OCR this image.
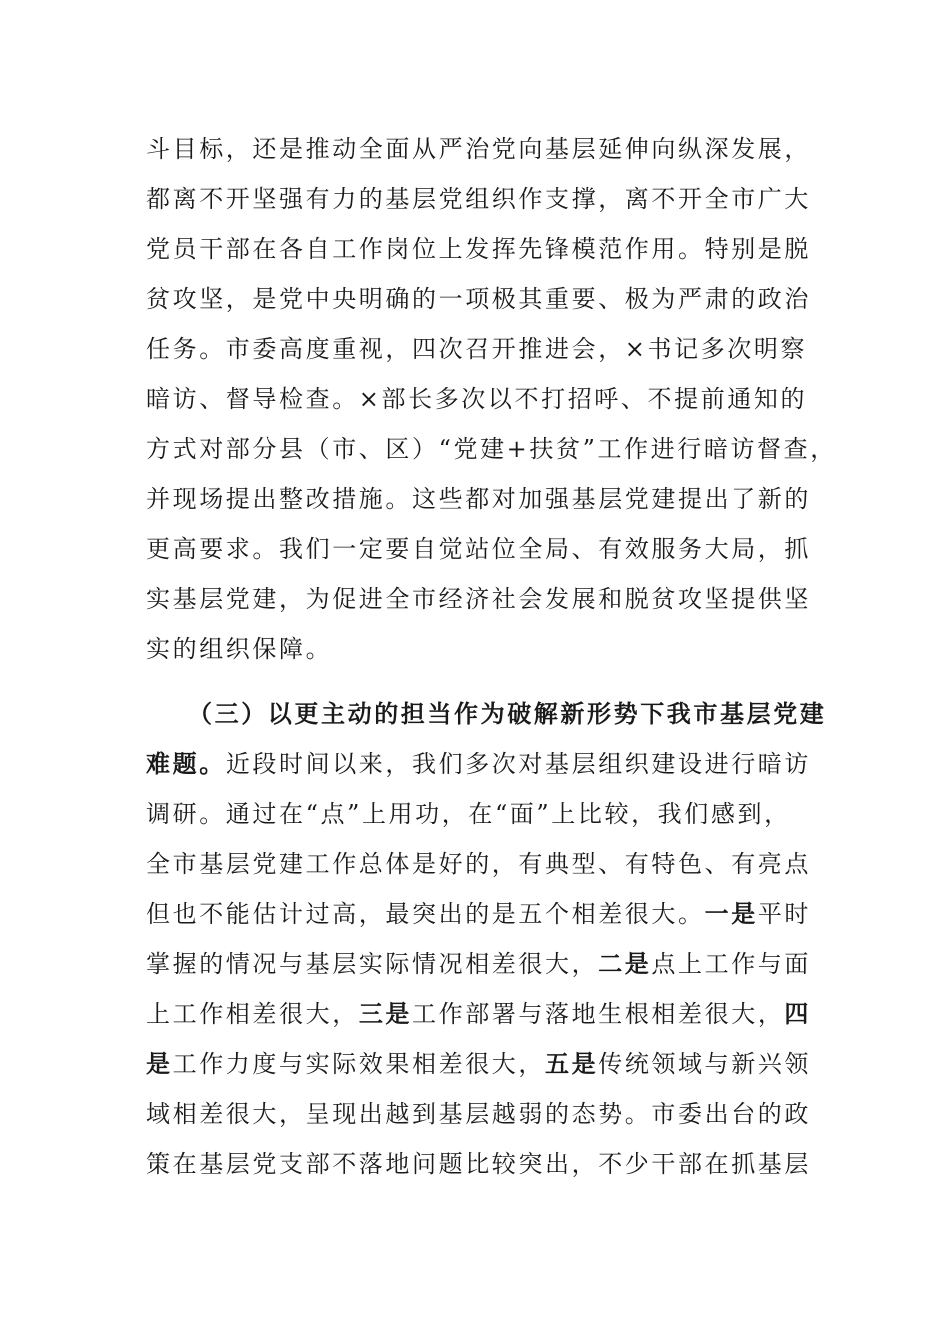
斗目标，还是推动全面从严治党向基层延伸向纵深发展，
都离不开坚强有力的基层党组织作支撑，离不开全市广大
党员干部在各自工作岗位上发挥先锋模范作用。特别是脱
贫攻坚，是党中央明确的一项极其重要、极为严肃的政治
任务。市委高度重视，四次召开推进会，×书记多次明察
暗访、督导检查。×部长多次以不打招呼、不提前通知的
方式对部分县（市、区）“党建+扶贫”工作进行暗访督查，
并现场提出整改措施。这些都对加强基层党建提出了新的
更高要求。我们一定要自觉站位全局、有效服务大局，抓
实基层党建，为促进全市经济社会发展和脱贫攻坚提供坚
实的组织保障。
（三）以更主动的担当作为破解新形势下我市基层党建
难题。近段时间以来，我们多次对基层组织建设进行暗访
调研。通过在“点”上用功，在“面”上比较，我们感到，
全市基层党建工作总体是好的，有典型、有特色、有亮点
但也不能估计过高，最突出的是五个相差很大。一是平时
掌握的情况与基层实际情况相差很大，二是点上工作与面
上工作相差很大，三是工作部署与落地生根相差很大，四
是工作力度与实际效果相差很大，五是传统领域与新兴领
域相差很大，呈现出越到基层越弱的态势。市委出台的政
策在基层党支部不落地问题比较突出，不少干部在抓基层
